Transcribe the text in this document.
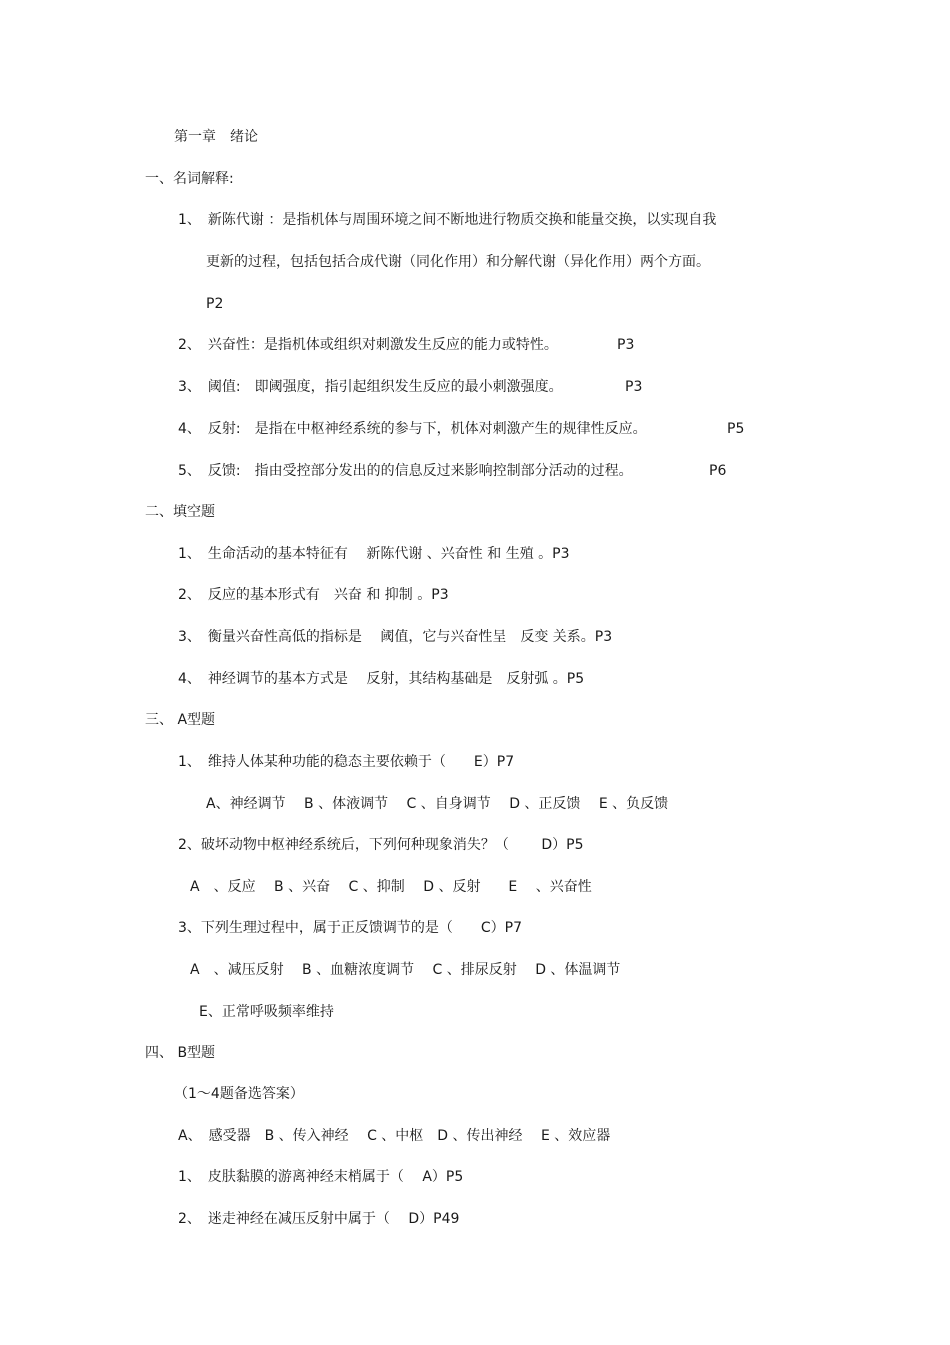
第一章　绪论
一、名词解释:
1、　新陈代谢 ：是指机体与周围环境之间不断地进行物质交换和能量交换，以实现自我
更新的过程，包括包括合成代谢（同化作用）和分解代谢（异化作用）两个方面。
P2
2、　兴奋性：是指机体或组织对刺激发生反应的能力或特性。	P3
3、　阈值:　即阈强度，指引起组织发生反应的最小刺激强度。	P3
4、　反射:　是指在中枢神经系统的参与下，机体对刺激产生的规律性反应。	P5
5、　反馈:　指由受控部分发出的的信息反过来影响控制部分活动的过程。	P6
二、填空题
1、　生命活动的基本特征有　 新陈代谢 、兴奋性 和 生殖 。P3
2、　反应的基本形式有　兴奋 和 抑制 。P3
3、　衡量兴奋性高低的指标是　 阈值，它与兴奋性呈　反变 关系。P3
4、　神经调节的基本方式是　 反射，其结构基础是　反射弧 。P5
三、 A型题
1、　维持人体某种功能的稳态主要依赖于（　　E）P7
A、神经调节　 B 、体液调节　 C 、自身调节　 D 、正反馈　 E 、负反馈
2、破坏动物中枢神经系统后，下列何种现象消失？（　　 D）P5
A　、反应　 B 、兴奋　 C 、抑制　 D 、反射　　E　 、兴奋性
3、下列生理过程中，属于正反馈调节的是（　　C）P7
A　、减压反射　 B 、血糖浓度调节　 C 、排尿反射　 D 、体温调节
E、正常呼吸频率维持
四、 B型题
（1～4题备选答案）
A、　感受器　B 、传入神经　 C 、中枢　D 、传出神经　 E 、效应器
1、　皮肤黏膜的游离神经末梢属于（　 A）P5
2、　迷走神经在减压反射中属于（　 D）P49
